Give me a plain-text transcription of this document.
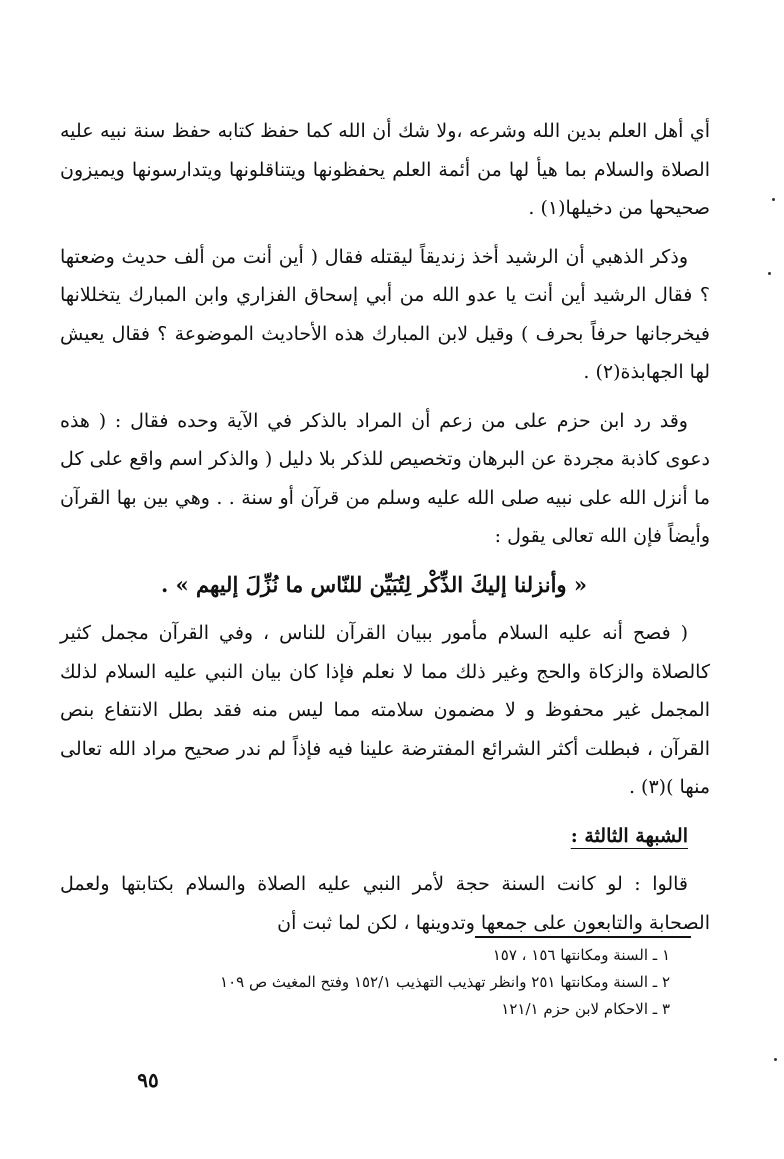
أي أهل العلم بدين الله وشرعه ،ولا شك أن الله كما حفظ كتابه حفظ سنة نبيه عليه الصلاة والسلام بما هيأ لها من أئمة العلم يحفظونها ويتناقلونها ويتدارسونها ويميزون صحيحها من دخيلها(١) .

وذكر الذهبي أن الرشيد أخذ زنديقاً ليقتله فقال ( أين أنت من ألف حديث وضعتها ؟ فقال الرشيد أين أنت يا عدو الله من أبي إسحاق الفزاري وابن المبارك يتخللانها فيخرجانها حرفاً بحرف ) وقيل لابن المبارك هذه الأحاديث الموضوعة ؟ فقال يعيش لها الجهابذة(٢) .

وقد رد ابن حزم على من زعم أن المراد بالذكر في الآية وحده فقال : ( هذه دعوى كاذبة مجردة عن البرهان وتخصيص للذكر بلا دليل ( والذكر اسم واقع على كل ما أنزل الله على نبيه صلى الله عليه وسلم من قرآن أو سنة . . وهي بين بها القرآن وأيضاً فإن الله تعالى يقول :

« وأنزلنا إليكَ الذِّكْر لِتُبَيِّن للنّاس ما نُزِّلَ إليهم » .

( فصح أنه عليه السلام مأمور ببيان القرآن للناس ، وفي القرآن مجمل كثير كالصلاة والزكاة والحج وغير ذلك مما لا نعلم فإذا كان بيان النبي عليه السلام لذلك المجمل غير محفوظ و لا مضمون سلامته مما ليس منه فقد بطل الانتفاع بنص القرآن ، فبطلت أكثر الشرائع المفترضة علينا فيه فإذاً لم ندر صحيح مراد الله تعالى منها )(٣) .

الشبهة الثالثة :

قالوا : لو كانت السنة حجة لأمر النبي عليه الصلاة والسلام بكتابتها ولعمل الصحابة والتابعون على جمعها وتدوينها ، لكن لما ثبت أن

١ ـ السنة ومكانتها ١٥٦ ، ١٥٧
٢ ـ السنة ومكانتها ٢٥١ وانظر تهذيب التهذيب ١٥٢/١ وفتح المغيث ص ١٠٩
٣ ـ الاحكام لابن حزم ١٢١/١
٩٥
